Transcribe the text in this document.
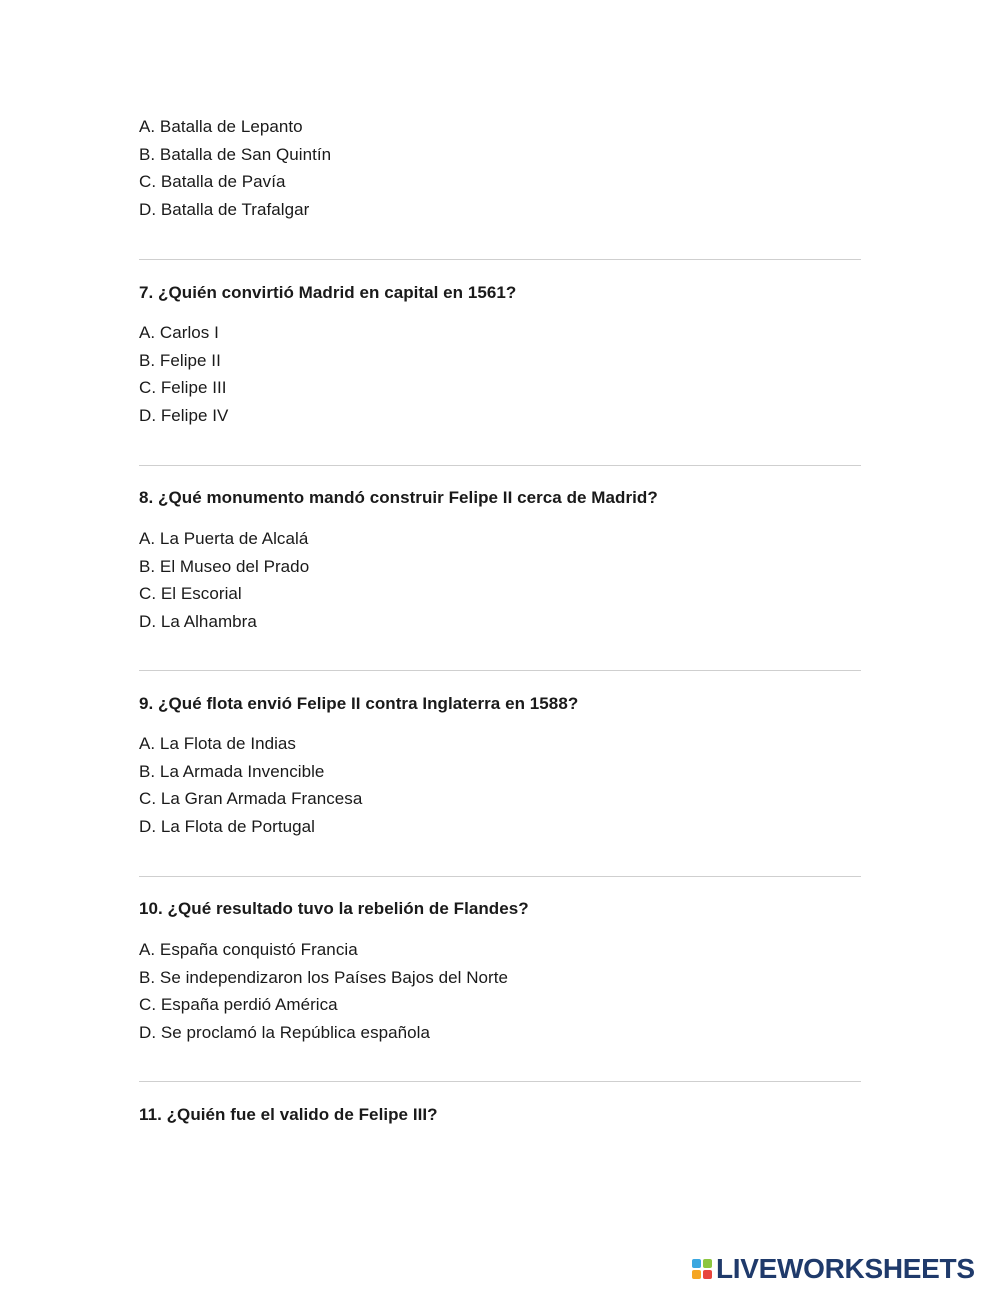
A. Batalla de Lepanto
B. Batalla de San Quintín
C. Batalla de Pavía
D. Batalla de Trafalgar
7. ¿Quién convirtió Madrid en capital en 1561?
A. Carlos I
B. Felipe II
C. Felipe III
D. Felipe IV
8. ¿Qué monumento mandó construir Felipe II cerca de Madrid?
A. La Puerta de Alcalá
B. El Museo del Prado
C. El Escorial
D. La Alhambra
9. ¿Qué flota envió Felipe II contra Inglaterra en 1588?
A. La Flota de Indias
B. La Armada Invencible
C. La Gran Armada Francesa
D. La Flota de Portugal
10. ¿Qué resultado tuvo la rebelión de Flandes?
A. España conquistó Francia
B. Se independizaron los Países Bajos del Norte
C. España perdió América
D. Se proclamó la República española
11. ¿Quién fue el valido de Felipe III?
LIVEWORKSHEETS
